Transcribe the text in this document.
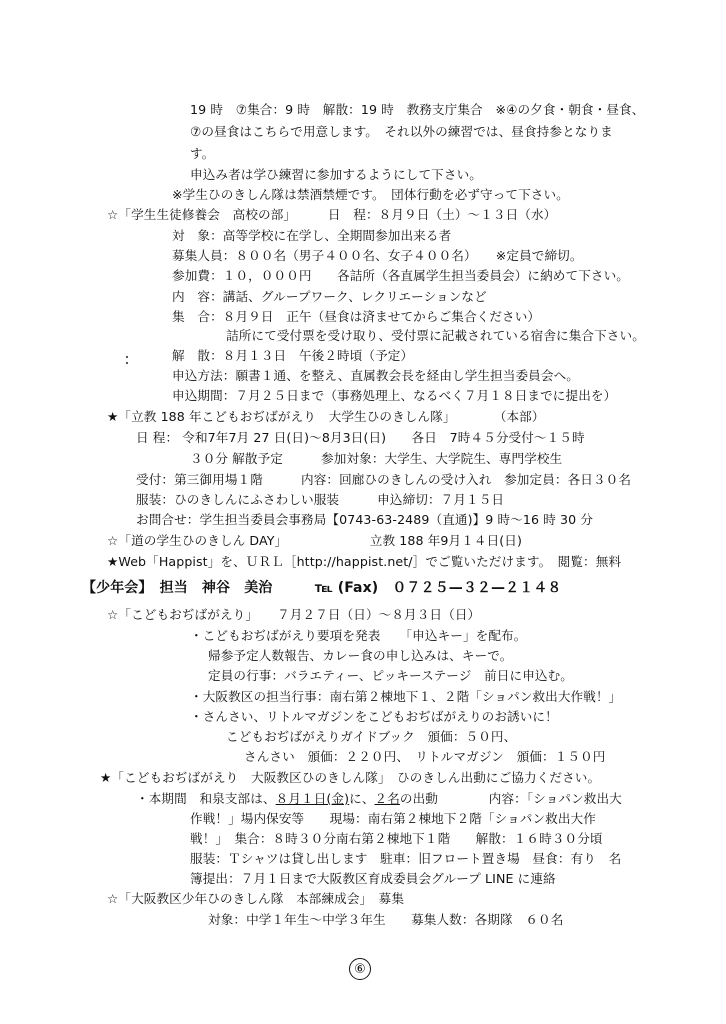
19 時　⑦集合：9 時　解散：19 時　教務支庁集合　※④の夕食・朝食・昼食、
⑦の昼食はこちらで用意します。　それ以外の練習では、昼食持参となりま
す。
申込み者は学ひ練習に参加するようにして下さい。
※学生ひのきしん隊は禁酒禁煙です。　団体行動を必ず守って下さい。
☆「学生生徒修養会　高校の部」　　　日　程：８月９日（土）～１３日（水）
対　象：高等学校に在学し、全期間参加出来る者
募集人員：８００名（男子４００名、女子４００名）　　※定員で締切。
参加費：１０，０００円　　各詰所（各直属学生担当委員会）に納めて下さい。
内　容：講話、グループワーク、レクリエーションなど
集　合：８月９日　正午（昼食は済ませてからご集合ください）
詰所にて受付票を受け取り、受付票に記載されている宿舎に集合下さい。
解　散：８月１３日　午後２時頃（予定）
申込方法：願書１通、を整え、直属教会長を経由し学生担当委員会へ。
申込期間：７月２５日まで（事務処理上、なるべく７月１８日までに提出を）
★「立教 188 年こどもおぢばがえり　大学生ひのきしん隊」　　　　（本部）
日 程： 令和7年7月 27 日(日)～8月3日(日)　　各日　7時４５分受付～１５時
３０分 解散予定　　　参加対象：大学生、大学院生、専門学校生
受付：第三御用場１階　　　内容：回廊ひのきしんの受け入れ　参加定員：各日３０名
服装：ひのきしんにふさわしい服装　　　申込締切：７月１５日
お問合せ：学生担当委員会事務局【0743-63-2489（直通)】9 時～16 時 30 分
☆「道の学生ひのきしん DAY」　　　　　　　立教 188 年9月１４日(日)
★Web「Happist」を、ＵＲＬ［http://happist.net/］でご覧いただけます。　閲覧：無料
【少年会】　担当　神谷　美治　　　℡ (Fax)　０７２５—３２—２１４８
☆「こどもおぢばがえり」　　７月２７日（日）～８月３日（日）
・こどもおぢばがえり要項を発表　　「申込キー」を配布。
帰参予定人数報告、カレー食の申し込みは、キーで。
定員の行事：バラエティー、ピッキーステージ　前日に申込む。
・大阪教区の担当行事：南右第２棟地下１、２階「ショパン救出大作戦！」
・さんさい、リトルマガジンをこどもおぢばがえりのお誘いに！
こどもおぢばがえりガイドブック　頒価：５０円、
さんさい　頒価：２２０円、　リトルマガジン　頒価：１５０円
★「こどもおぢばがえり　大阪教区ひのきしん隊」　ひのきしん出動にご協力ください。
・本期間　和泉支部は、８月１日(金)に、２名の出動　　　　内容：「ショパン救出大
作戦！」場内保安等　　現場：南右第２棟地下２階「ショパン救出大作
戦！」　集合：８時３０分南右第２棟地下１階　　解散：１６時３０分頃
服装：Ｔシャツは貸し出します　駐車：旧フロート置き場　昼食：有り　名
簿提出：７月１日まで大阪教区育成委員会グループ LINE に連絡
☆「大阪教区少年ひのきしん隊　本部練成会」　募集
対象：中学１年生～中学３年生　　募集人数：各期隊　６０名
⑥
